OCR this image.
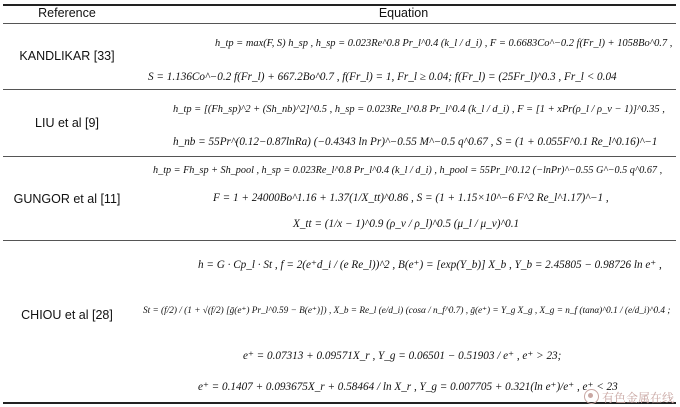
Reference	Equation
KANDLIKAR [33]
h_tp = max(F, S) h_sp , h_sp = 0.023Re^0.8 Pr_l^0.4 (k_l / d_i) , F = 0.6683Co^−0.2 f(Fr_l) + 1058Bo^0.7 ,
S = 1.136Co^−0.2 f(Fr_l) + 667.2Bo^0.7 , f(Fr_l) = 1, Fr_l ≥ 0.04; f(Fr_l) = (25Fr_l)^0.3 , Fr_l < 0.04
LIU et al [9]
h_tp = [(Fh_sp)^2 + (Sh_nb)^2]^0.5 , h_sp = 0.023Re_l^0.8 Pr_l^0.4 (k_l / d_i) , F = [1 + xPr(ρ_l / ρ_v − 1)]^0.35 ,
h_nb = 55Pr^(0.12−0.87lnRa) (−0.4343 ln Pr)^−0.55 M^−0.5 q^0.67 , S = (1 + 0.055F^0.1 Re_l^0.16)^−1
GUNGOR et al [11]
h_tp = Fh_sp + Sh_pool , h_sp = 0.023Re_l^0.8 Pr_l^0.4 (k_l / d_i) , h_pool = 55Pr_l^0.12 (−lnPr)^−0.55 G^−0.5 q^0.67 ,
F = 1 + 24000Bo^1.16 + 1.37(1/X_tt)^0.86 , S = (1 + 1.15×10^−6 F^2 Re_l^1.17)^−1 ,
X_tt = (1/x − 1)^0.9 (ρ_v / ρ_l)^0.5 (μ_l / μ_v)^0.1
CHIOU et al [28]
h = G · Cp_l · St , f = 2(e⁺d_i / (e Re_l))^2 , B(e⁺) = [exp(Y_b)] X_b , Y_b = 2.45805 − 0.98726 ln e⁺ ,
St = (f/2) / (1 + √(f/2) [ḡ(e⁺) Pr_l^0.59 − B(e⁺)]) , X_b = Re_l (e/d_i) (cosα / n_f^0.7) , ḡ(e⁺) = Y_g X_g , X_g = n_f (tanα)^0.1 / (e/d_i)^0.4 ;
e⁺ = 0.07313 + 0.09571X_r , Y_g = 0.06501 − 0.51903 / e⁺ , e⁺ > 23;
e⁺ = 0.1407 + 0.093675X_r + 0.58464 / ln X_r , Y_g = 0.007705 + 0.321(ln e⁺)/e⁺ , e⁺ < 23
有色金属在线
